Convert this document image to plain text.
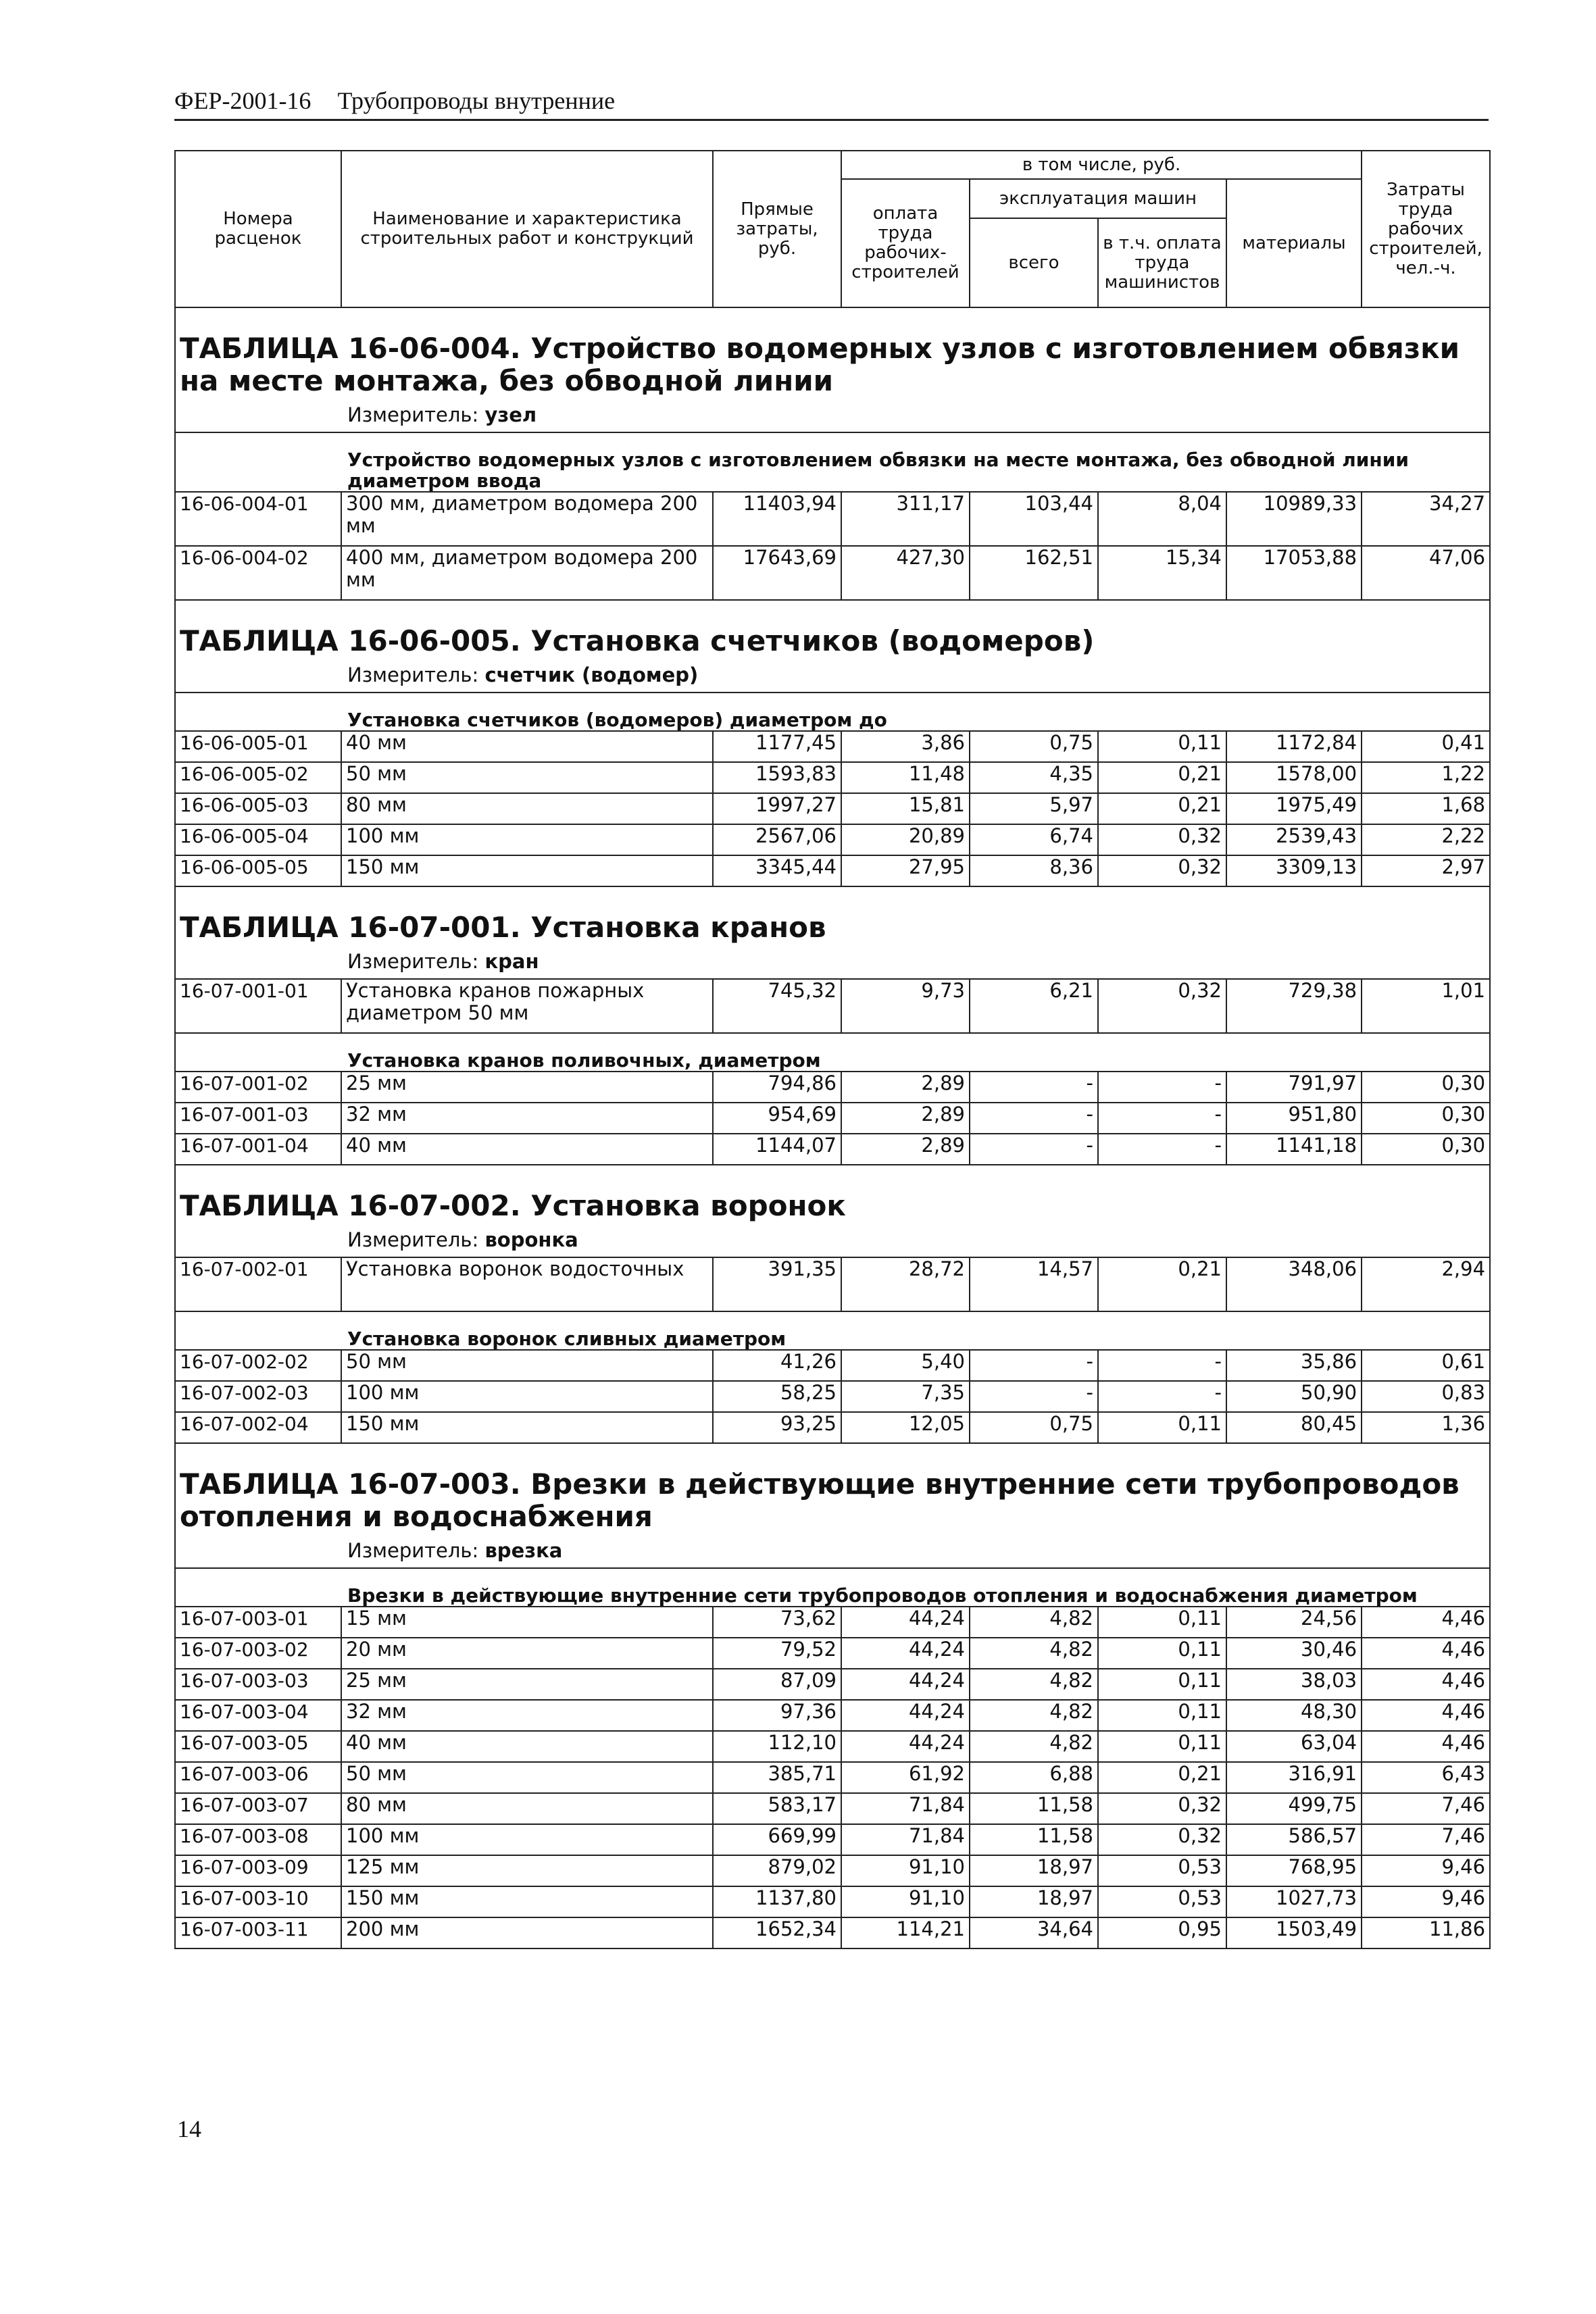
ФЕР-2001-16 Трубопроводы внутренние
Номера расценок	Наименование и характеристика строительных работ и конструкций	Прямые затраты, руб.	в том числе, руб.				Затраты труда рабочих строителей, чел.-ч.
			оплата труда рабочих-строителей	эксплуатация машин		материалы	
				всего	в т.ч. оплата труда машинистов		
ТАБЛИЦА 16-06-004. Устройство водомерных узлов с изготовлением обвязки на месте монтажа, без обводной линии							
Измеритель: узел							
Устройство водомерных узлов с изготовлением обвязки на месте монтажа, без обводной линии диаметром ввода							
16-06-004-01	300 мм, диаметром водомера 200 мм	11403,94	311,17	103,44	8,04	10989,33	34,27
16-06-004-02	400 мм, диаметром водомера 200 мм	17643,69	427,30	162,51	15,34	17053,88	47,06
ТАБЛИЦА 16-06-005. Установка счетчиков (водомеров)							
Измеритель: счетчик (водомер)							
Установка счетчиков (водомеров) диаметром до							
16-06-005-01	40 мм	1177,45	3,86	0,75	0,11	1172,84	0,41
16-06-005-02	50 мм	1593,83	11,48	4,35	0,21	1578,00	1,22
16-06-005-03	80 мм	1997,27	15,81	5,97	0,21	1975,49	1,68
16-06-005-04	100 мм	2567,06	20,89	6,74	0,32	2539,43	2,22
16-06-005-05	150 мм	3345,44	27,95	8,36	0,32	3309,13	2,97
ТАБЛИЦА 16-07-001. Установка кранов							
Измеритель: кран							
16-07-001-01	Установка кранов пожарных диаметром 50 мм	745,32	9,73	6,21	0,32	729,38	1,01
Установка кранов поливочных, диаметром							
16-07-001-02	25 мм	794,86	2,89	-	-	791,97	0,30
16-07-001-03	32 мм	954,69	2,89	-	-	951,80	0,30
16-07-001-04	40 мм	1144,07	2,89	-	-	1141,18	0,30
ТАБЛИЦА 16-07-002. Установка воронок							
Измеритель: воронка							
16-07-002-01	Установка воронок водосточных	391,35	28,72	14,57	0,21	348,06	2,94
Установка воронок сливных диаметром							
16-07-002-02	50 мм	41,26	5,40	-	-	35,86	0,61
16-07-002-03	100 мм	58,25	7,35	-	-	50,90	0,83
16-07-002-04	150 мм	93,25	12,05	0,75	0,11	80,45	1,36
ТАБЛИЦА 16-07-003. Врезки в действующие внутренние сети трубопроводов отопления и водоснабжения							
Измеритель: врезка							
Врезки в действующие внутренние сети трубопроводов отопления и водоснабжения диаметром							
16-07-003-01	15 мм	73,62	44,24	4,82	0,11	24,56	4,46
16-07-003-02	20 мм	79,52	44,24	4,82	0,11	30,46	4,46
16-07-003-03	25 мм	87,09	44,24	4,82	0,11	38,03	4,46
16-07-003-04	32 мм	97,36	44,24	4,82	0,11	48,30	4,46
16-07-003-05	40 мм	112,10	44,24	4,82	0,11	63,04	4,46
16-07-003-06	50 мм	385,71	61,92	6,88	0,21	316,91	6,43
16-07-003-07	80 мм	583,17	71,84	11,58	0,32	499,75	7,46
16-07-003-08	100 мм	669,99	71,84	11,58	0,32	586,57	7,46
16-07-003-09	125 мм	879,02	91,10	18,97	0,53	768,95	9,46
16-07-003-10	150 мм	1137,80	91,10	18,97	0,53	1027,73	9,46
16-07-003-11	200 мм	1652,34	114,21	34,64	0,95	1503,49	11,86
14
